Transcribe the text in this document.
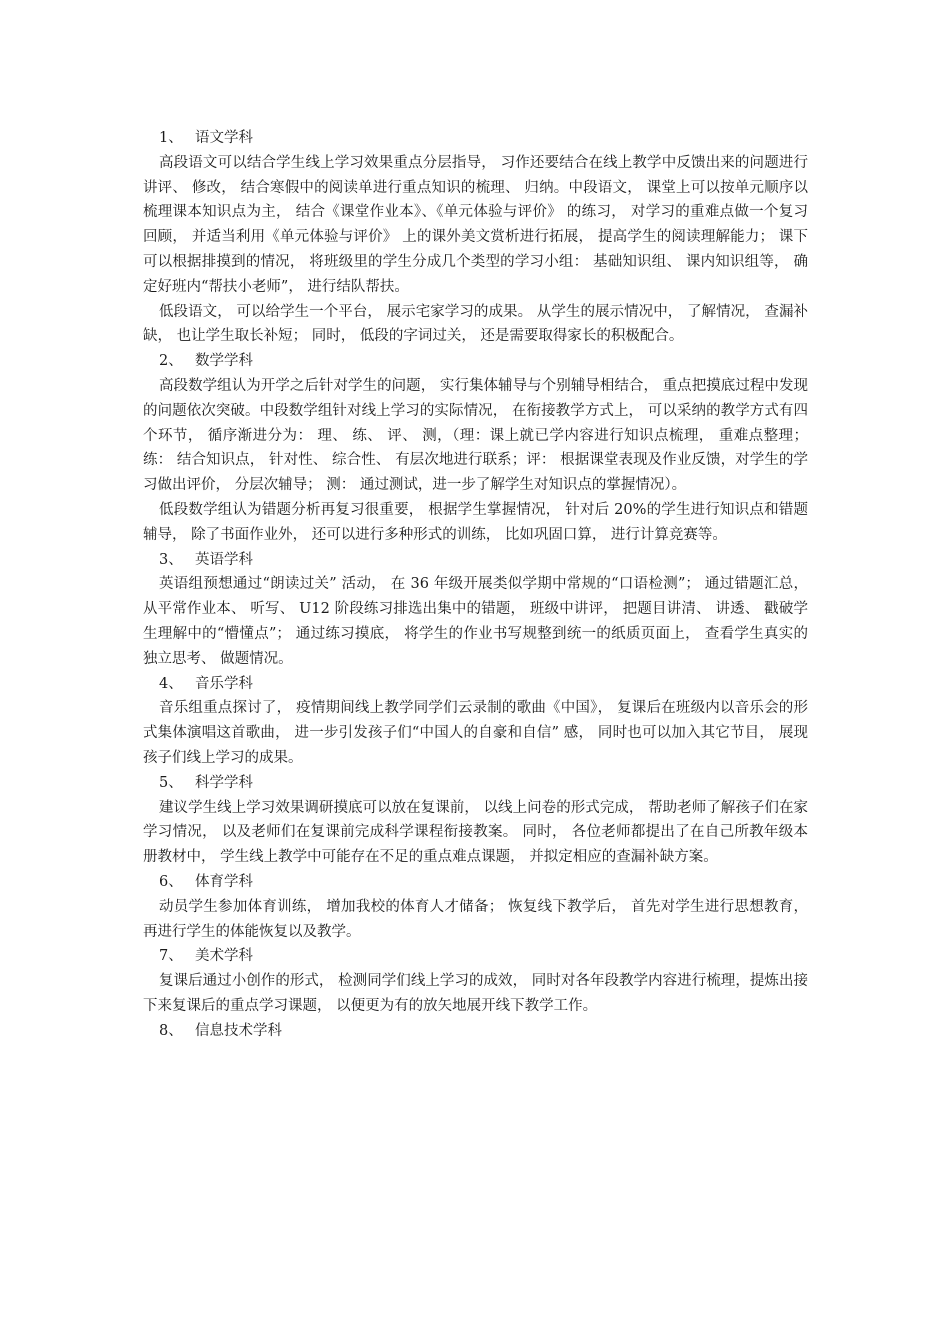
1、 语文学科

高段语文可以结合学生线上学习效果重点分层指导， 习作还要结合在线上教学中反馈出来的问题进行讲评、 修改， 结合寒假中的阅读单进行重点知识的梳理、 归纳。中段语文， 课堂上可以按单元顺序以梳理课本知识点为主， 结合《课堂作业本》、《单元体验与评价》 的练习， 对学习的重难点做一个复习回顾， 并适当利用《单元体验与评价》 上的课外美文赏析进行拓展， 提高学生的阅读理解能力； 课下可以根据排摸到的情况， 将班级里的学生分成几个类型的学习小组： 基础知识组、 课内知识组等， 确定好班内“帮扶小老师”， 进行结队帮扶。

低段语文， 可以给学生一个平台， 展示宅家学习的成果。 从学生的展示情况中， 了解情况， 查漏补缺， 也让学生取长补短； 同时， 低段的字词过关， 还是需要取得家长的积极配合。

2、 数学学科

高段数学组认为开学之后针对学生的问题， 实行集体辅导与个别辅导相结合， 重点把摸底过程中发现的问题依次突破。中段数学组针对线上学习的实际情况， 在衔接教学方式上， 可以采纳的教学方式有四个环节， 循序渐进分为： 理、 练、 评、 测，（理：课上就已学内容进行知识点梳理， 重难点整理； 练： 结合知识点， 针对性、 综合性、 有层次地进行联系；评： 根据课堂表现及作业反馈，对学生的学习做出评价， 分层次辅导； 测： 通过测试，进一步了解学生对知识点的掌握情况）。

低段数学组认为错题分析再复习很重要， 根据学生掌握情况， 针对后 20%的学生进行知识点和错题辅导， 除了书面作业外， 还可以进行多种形式的训练， 比如巩固口算， 进行计算竞赛等。

3、 英语学科

英语组预想通过“朗读过关” 活动， 在 36 年级开展类似学期中常规的“口语检测”； 通过错题汇总， 从平常作业本、 听写、 U12 阶段练习排选出集中的错题， 班级中讲评， 把题目讲清、 讲透、 戳破学生理解中的“懵懂点”； 通过练习摸底， 将学生的作业书写规整到统一的纸质页面上， 查看学生真实的独立思考、 做题情况。

4、 音乐学科

音乐组重点探讨了， 疫情期间线上教学同学们云录制的歌曲《中国》， 复课后在班级内以音乐会的形式集体演唱这首歌曲， 进一步引发孩子们“中国人的自豪和自信” 感， 同时也可以加入其它节目， 展现孩子们线上学习的成果。

5、 科学学科

建议学生线上学习效果调研摸底可以放在复课前， 以线上问卷的形式完成， 帮助老师了解孩子们在家学习情况， 以及老师们在复课前完成科学课程衔接教案。 同时， 各位老师都提出了在自己所教年级本册教材中， 学生线上教学中可能存在不足的重点难点课题， 并拟定相应的查漏补缺方案。

6、 体育学科

动员学生参加体育训练， 增加我校的体育人才储备； 恢复线下教学后， 首先对学生进行思想教育， 再进行学生的体能恢复以及教学。

7、 美术学科

复课后通过小创作的形式， 检测同学们线上学习的成效， 同时对各年段教学内容进行梳理，提炼出接下来复课后的重点学习课题， 以便更为有的放矢地展开线下教学工作。

8、 信息技术学科
